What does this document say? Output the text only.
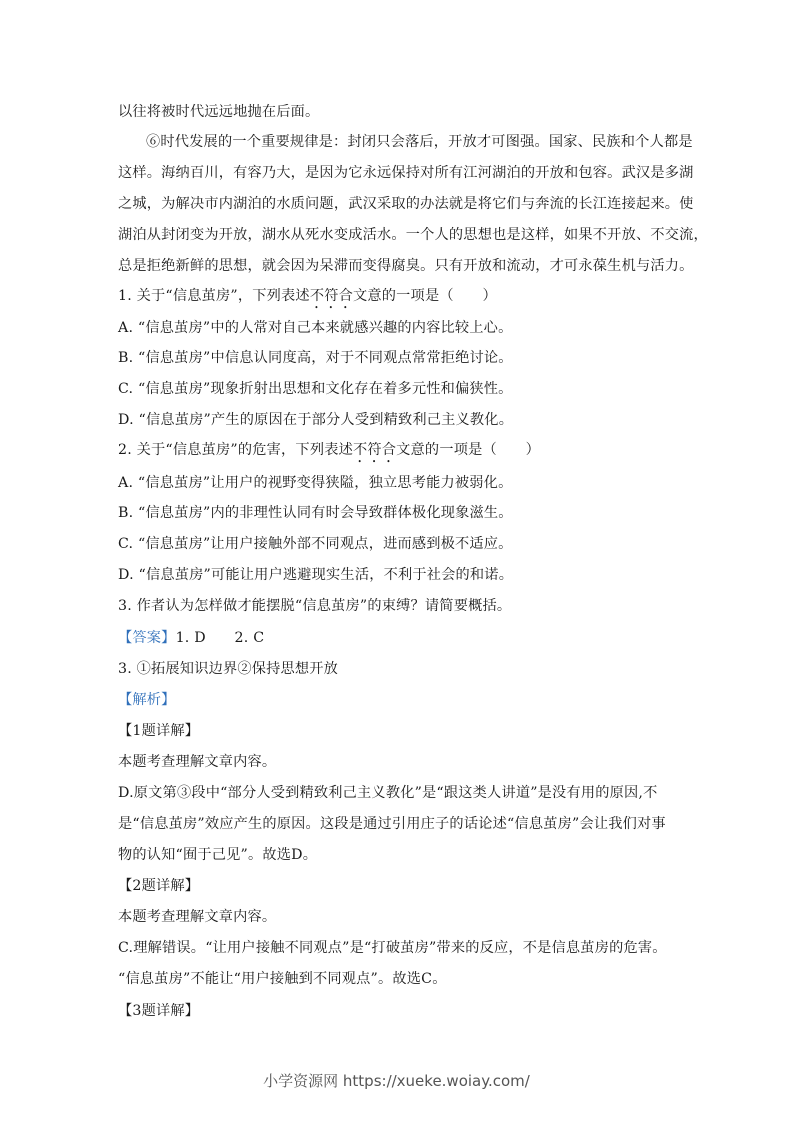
以往将被时代远远地抛在后面。
⑥时代发展的一个重要规律是：封闭只会落后，开放才可图强。国家、民族和个人都是
这样。海纳百川，有容乃大，是因为它永远保持对所有江河湖泊的开放和包容。武汉是多湖
之城，为解决市内湖泊的水质问题，武汉采取的办法就是将它们与奔流的长江连接起来。使
湖泊从封闭变为开放，湖水从死水变成活水。一个人的思想也是这样，如果不开放、不交流，
总是拒绝新鲜的思想，就会因为呆滞而变得腐臭。只有开放和流动，才可永葆生机与活力。
1. 关于“信息茧房”，下列表述不符合文意的一项是（　　）
A. “信息茧房”中的人常对自己本来就感兴趣的内容比较上心。
B. “信息茧房”中信息认同度高，对于不同观点常常拒绝讨论。
C. “信息茧房”现象折射出思想和文化存在着多元性和偏狭性。
D. “信息茧房”产生的原因在于部分人受到精致利己主义教化。
2. 关于“信息茧房”的危害，下列表述不符合文意的一项是（　　）
A. “信息茧房”让用户的视野变得狭隘，独立思考能力被弱化。
B. “信息茧房”内的非理性认同有时会导致群体极化现象滋生。
C. “信息茧房”让用户接触外部不同观点，进而感到极不适应。
D. “信息茧房”可能让用户逃避现实生活，不利于社会的和诺。
3. 作者认为怎样做才能摆脱“信息茧房”的束缚？请简要概括。
【答案】1. D　　2. C
3. ①拓展知识边界②保持思想开放
【解析】
【1题详解】
本题考查理解文章内容。
D.原文第③段中“部分人受到精致利己主义教化”是“跟这类人讲道”是没有用的原因,不
是“信息茧房”效应产生的原因。这段是通过引用庄子的话论述“信息茧房”会让我们对事
物的认知“囿于己见”。故选D。
【2题详解】
本题考查理解文章内容。
C.理解错误。“让用户接触不同观点”是“打破茧房”带来的反应，不是信息茧房的危害。
“信息茧房”不能让“用户接触到不同观点”。故选C。
【3题详解】
小学资源网 https://xueke.woiay.com/
